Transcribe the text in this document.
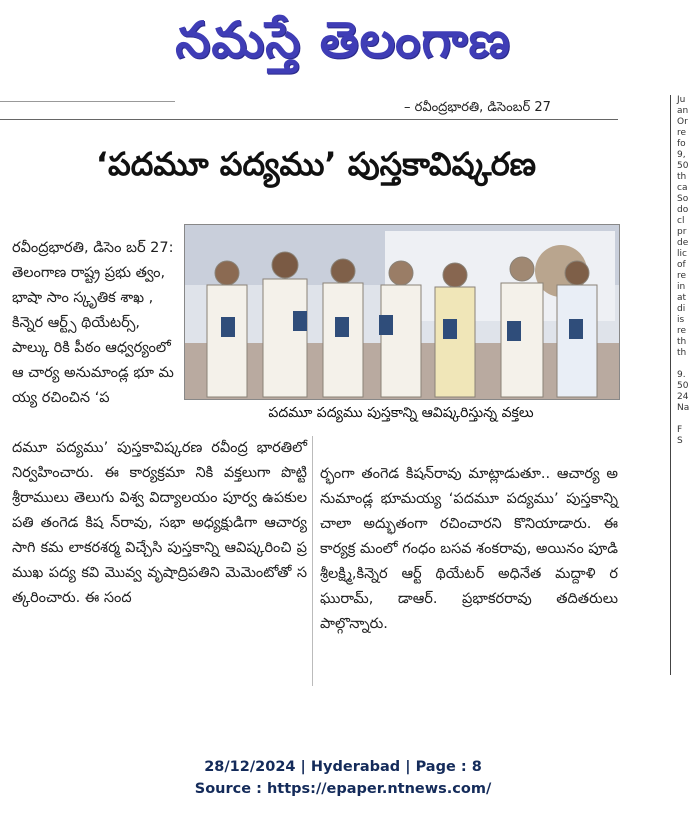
నమస్తే తెలంగాణ
– రవీంద్రభారతి, డిసెంబర్ 27
‘పదమూ పద్యము’ పుస్తకావిష్కరణ
రవీంద్రభారతి, డిసెం బర్ 27: తెలంగాణ రాష్ట్ర ప్రభు త్వం, భాషా సాం స్కృతిక శాఖ , కిన్నెర ఆర్ట్స్ థియేటర్స్,పాల్కు రికి పీఠం ఆధ్వర్యంలో ఆ చార్య అనుమాండ్ల భూ మయ్య రచించిన ‘ప
పదమూ పద్యము పుస్తకాన్ని ఆవిష్కరిస్తున్న వక్తలు
దమూ పద్యము’ పుస్తకావిష్కరణ రవీంద్ర భారతిలో నిర్వహించారు. ఈ కార్యక్రమా నికి వక్తలుగా పొట్టి శ్రీరాములు తెలుగు విశ్వ విద్యాలయం పూర్వ ఉపకులపతి తంగెడ కిష న్‌రావు, సభా అధ్యక్షుడిగా ఆచార్య సాగి కమ లాకరశర్మ విచ్చేసి పుస్తకాన్ని ఆవిష్కరించి ప్రముఖ పద్య కవి మొవ్వ వృషాద్రిపతిని మెమెంటోతో సత్కరించారు. ఈ సంద
ర్భంగా తంగెడ కిషన్‌రావు మాట్లాడుతూ.. ఆచార్య అనుమాండ్ల భూమయ్య ‘పదమూ పద్యము’ పుస్తకాన్ని చాలా అద్భుతంగా రచించారని కొనియాడారు. ఈ కార్యక్ర మంలో గంధం బసవ శంకరావు, అయినం పూడి శ్రీలక్ష్మి,కిన్నెర ఆర్ట్ థియేటర్ అధినేత మద్దాళి రఘురామ్, డా‌ఆర్. ప్రభాకరరావు తదితరులు పాల్గొన్నారు.
Ju
an
Or
re
fo
9,
50
th
ca
So
do
cl
pr
de
lic
of
re
in
at
di
is
re
th
th

9.
50
24
Na

F
S
28/12/2024 | Hyderabad | Page : 8
Source : https://epaper.ntnews.com/
